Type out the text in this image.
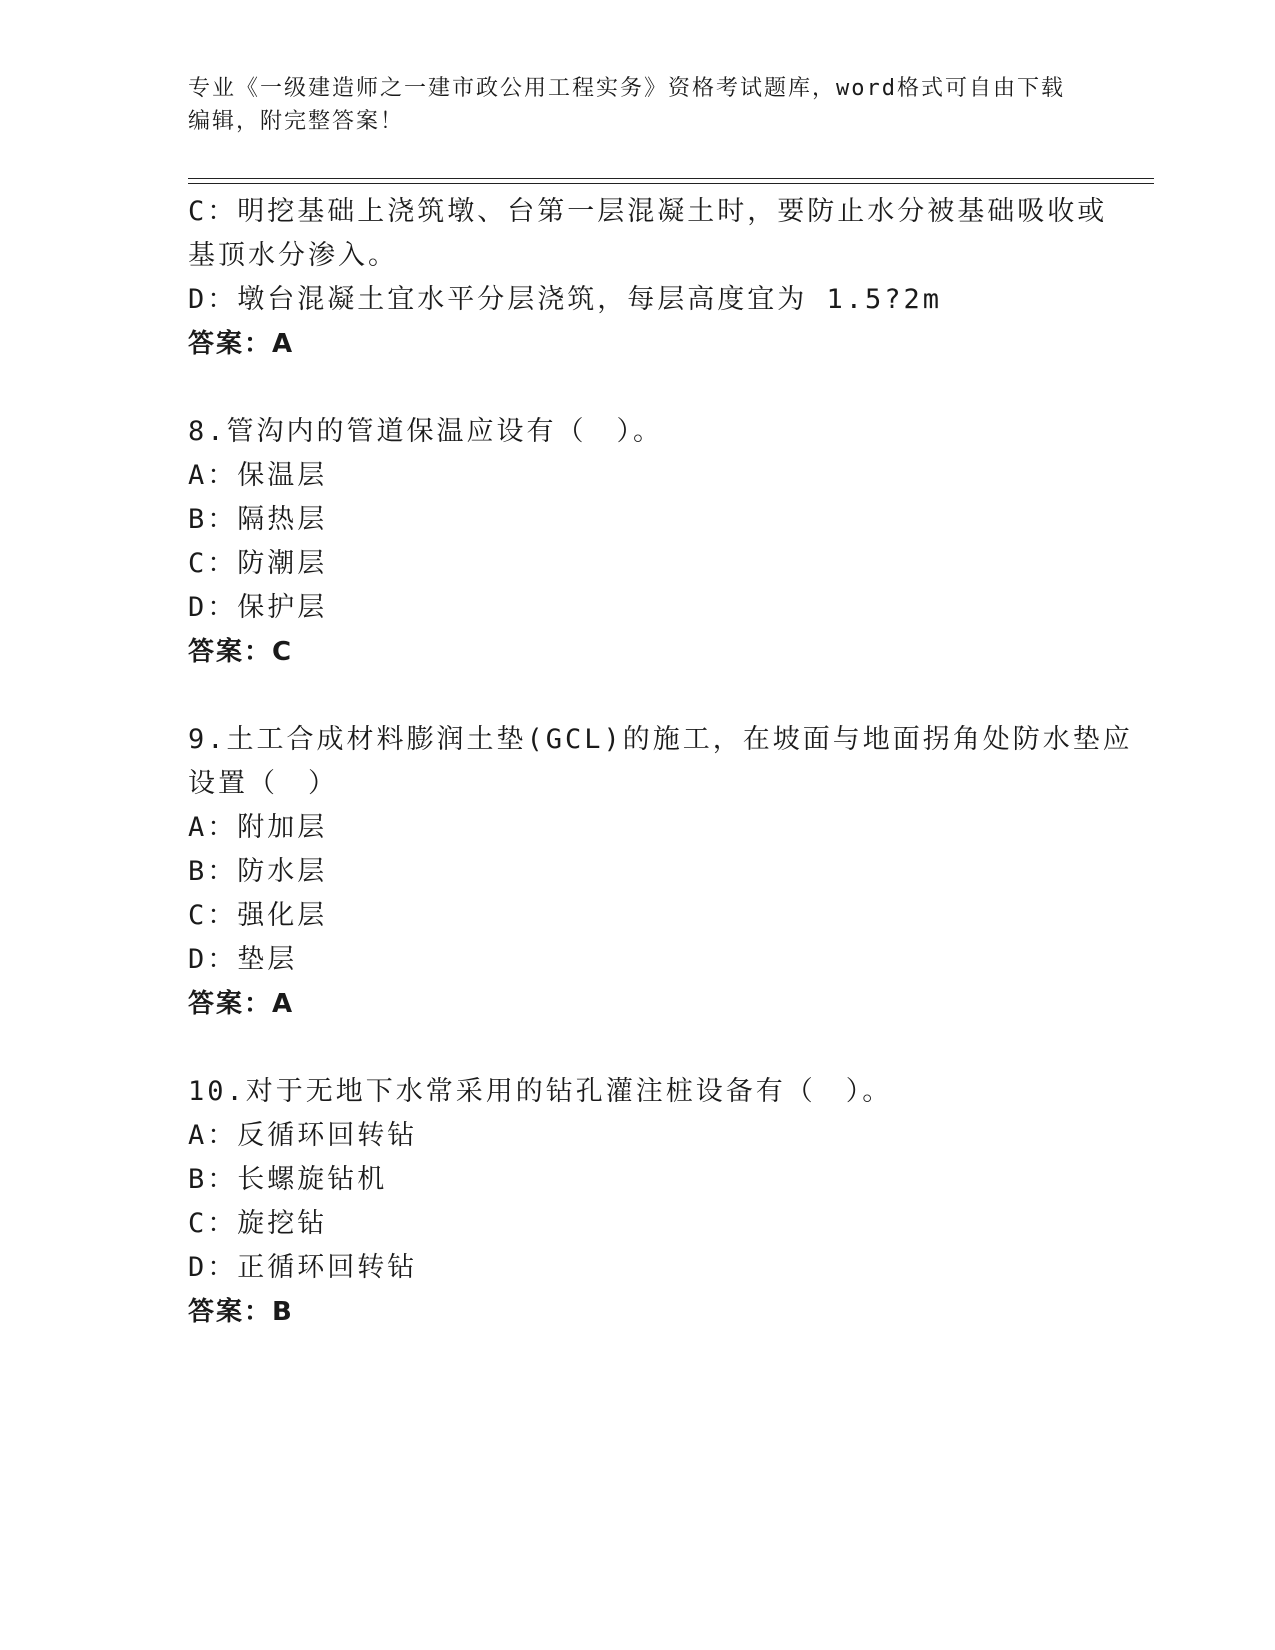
专业《一级建造师之一建市政公用工程实务》资格考试题库，word格式可自由下载编辑，附完整答案！
C：明挖基础上浇筑墩、台第一层混凝土时，要防止水分被基础吸收或
基顶水分渗入。
D：墩台混凝土宜水平分层浇筑，每层高度宜为 1.5?2m
答案：A
8.管沟内的管道保温应设有（　）。
A：保温层
B：隔热层
C：防潮层
D：保护层
答案：C
9.土工合成材料膨润土垫(GCL)的施工，在坡面与地面拐角处防水垫应
设置（　）
A：附加层
B：防水层
C：强化层
D：垫层
答案：A
10.对于无地下水常采用的钻孔灌注桩设备有（　）。
A：反循环回转钻
B：长螺旋钻机
C：旋挖钻
D：正循环回转钻
答案：B
